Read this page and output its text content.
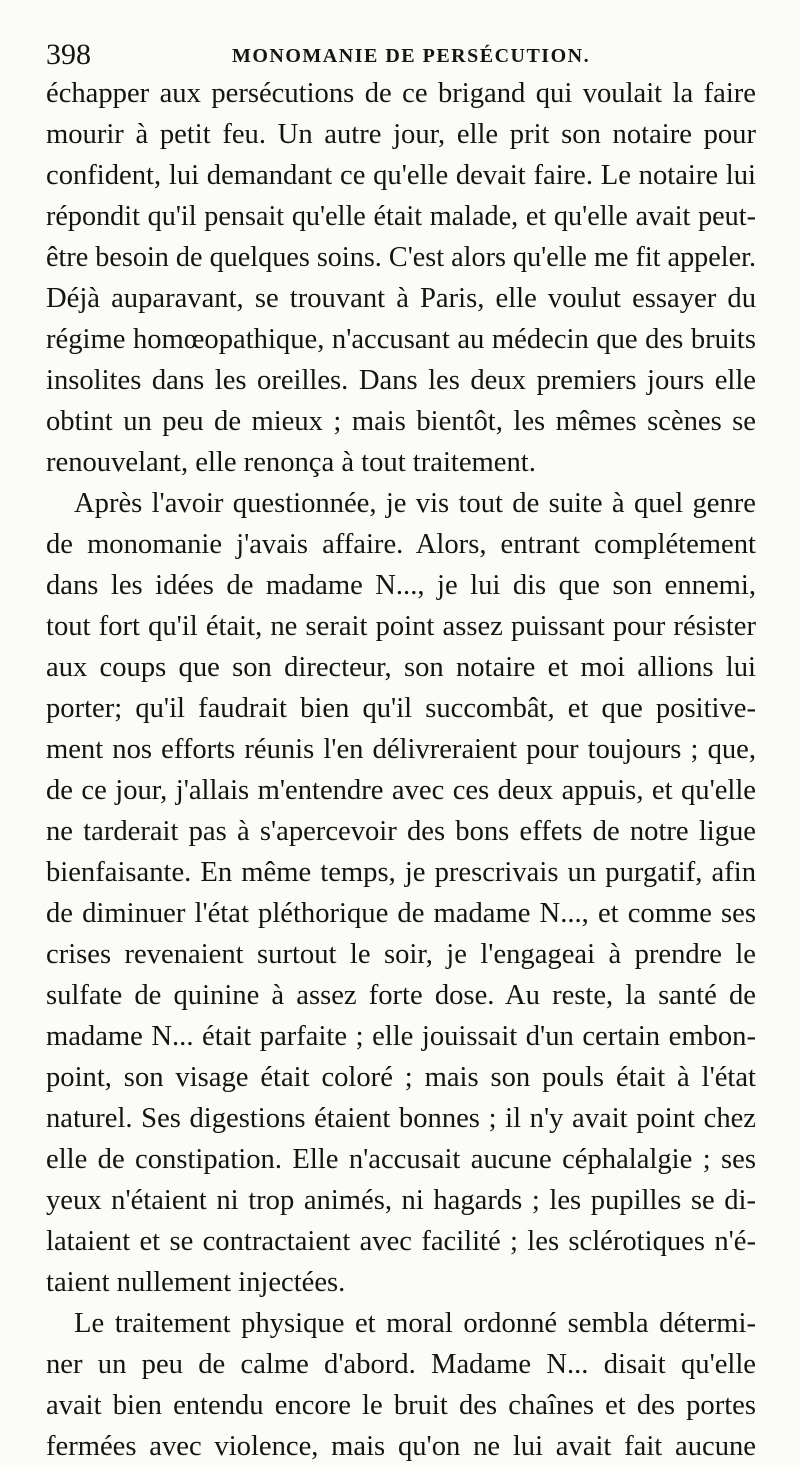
398	MONOMANIE DE PERSÉCUTION.
échapper aux persécutions de ce brigand qui voulait la faire
mourir à petit feu. Un autre jour, elle prit son notaire pour
confident, lui demandant ce qu'elle devait faire. Le notaire lui
répondit qu'il pensait qu'elle était malade, et qu'elle avait peut-
être besoin de quelques soins. C'est alors qu'elle me fit appeler.
Déjà auparavant, se trouvant à Paris, elle voulut essayer du
régime homœopathique, n'accusant au médecin que des bruits
insolites dans les oreilles. Dans les deux premiers jours elle
obtint un peu de mieux ; mais bientôt, les mêmes scènes se
renouvelant, elle renonça à tout traitement.
Après l'avoir questionnée, je vis tout de suite à quel genre
de monomanie j'avais affaire. Alors, entrant complétement
dans les idées de madame N..., je lui dis que son ennemi,
tout fort qu'il était, ne serait point assez puissant pour résister
aux coups que son directeur, son notaire et moi allions lui
porter; qu'il faudrait bien qu'il succombât, et que positive-
ment nos efforts réunis l'en délivreraient pour toujours ; que,
de ce jour, j'allais m'entendre avec ces deux appuis, et qu'elle
ne tarderait pas à s'apercevoir des bons effets de notre ligue
bienfaisante. En même temps, je prescrivais un purgatif, afin
de diminuer l'état pléthorique de madame N..., et comme ses
crises revenaient surtout le soir, je l'engageai à prendre le
sulfate de quinine à assez forte dose. Au reste, la santé de
madame N... était parfaite ; elle jouissait d'un certain embon-
point, son visage était coloré ; mais son pouls était à l'état
naturel. Ses digestions étaient bonnes ; il n'y avait point chez
elle de constipation. Elle n'accusait aucune céphalalgie ; ses
yeux n'étaient ni trop animés, ni hagards ; les pupilles se di-
lataient et se contractaient avec facilité ; les sclérotiques n'é-
taient nullement injectées.
Le traitement physique et moral ordonné sembla détermi-
ner un peu de calme d'abord. Madame N... disait qu'elle
avait bien entendu encore le bruit des chaînes et des portes
fermées avec violence, mais qu'on ne lui avait fait aucune
